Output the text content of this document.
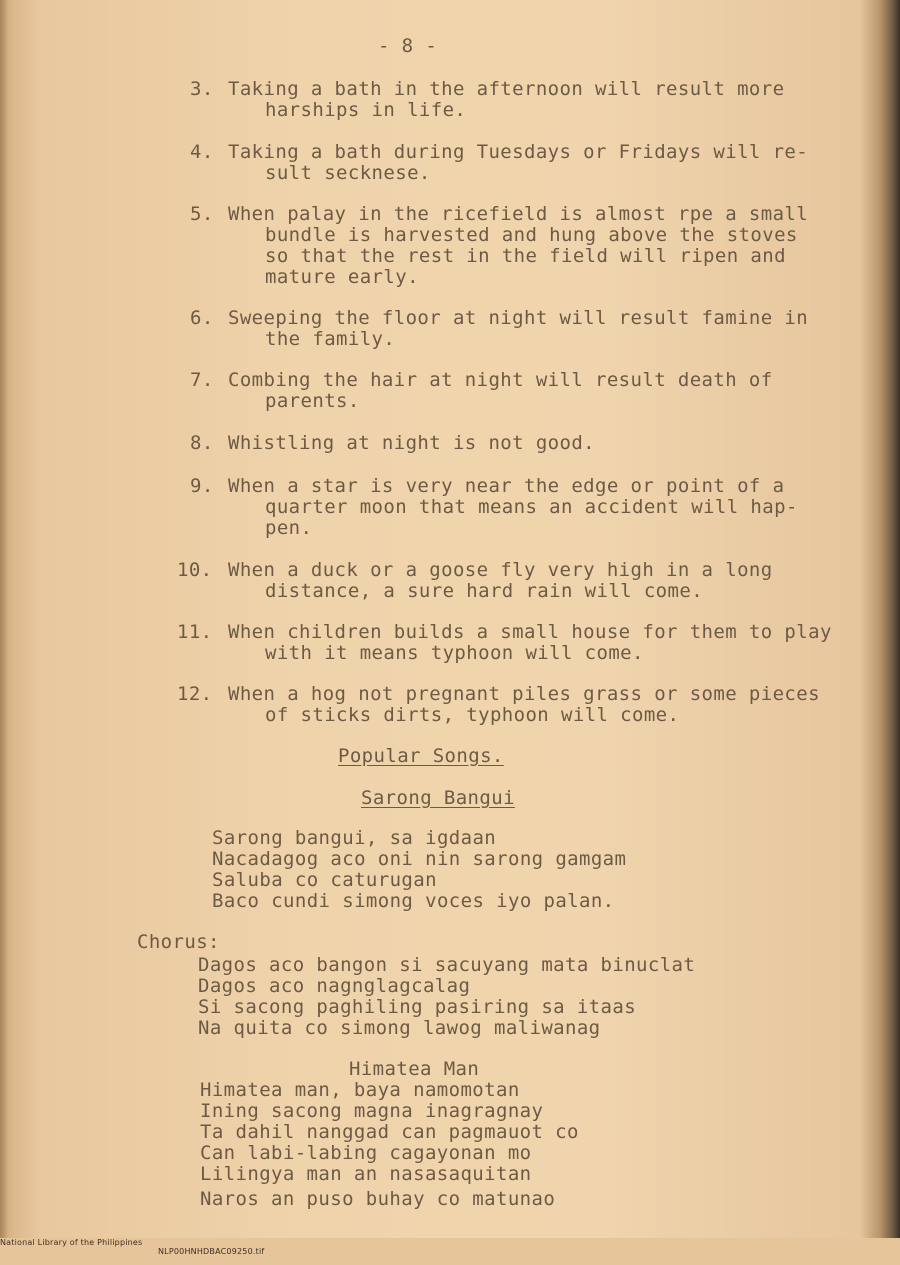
- 8 -
3. Taking a bath in the afternoon will result more
harships in life.
4. Taking a bath during Tuesdays or Fridays will re-
sult secknese.
5. When palay in the ricefield is almost rpe a small
bundle is harvested and hung above the stoves
so that the rest in the field will ripen and
mature early.
6. Sweeping the floor at night will result famine in
the family.
7. Combing the hair at night will result death of
parents.
8. Whistling at night is not good.
9. When a star is very near the edge or point of a
quarter moon that means an accident will hap-
pen.
10. When a duck or a goose fly very high in a long
distance, a sure hard rain will come.
11. When children builds a small house for them to play
with it means typhoon will come.
12. When a hog not pregnant piles grass or some pieces
of sticks dirts, typhoon will come.
Popular Songs.
Sarong Bangui
Sarong bangui, sa igdaan
Nacadagog aco oni nin sarong gamgam
Saluba co caturugan
Baco cundi simong voces iyo palan.
Chorus:
Dagos aco bangon si sacuyang mata binuclat
Dagos aco nagnglagcalag
Si sacong paghiling pasiring sa itaas
Na quita co simong lawog maliwanag
Himatea Man
Himatea man, baya namomotan
Ining sacong magna inagragnay
Ta dahil nanggad can pagmauot co
Can labi-labing cagayonan mo
Lilingya man an nasasaquitan
Naros an puso buhay co matunao

National Library of the Philippines

NLP00HNHDBAC09250.tif
